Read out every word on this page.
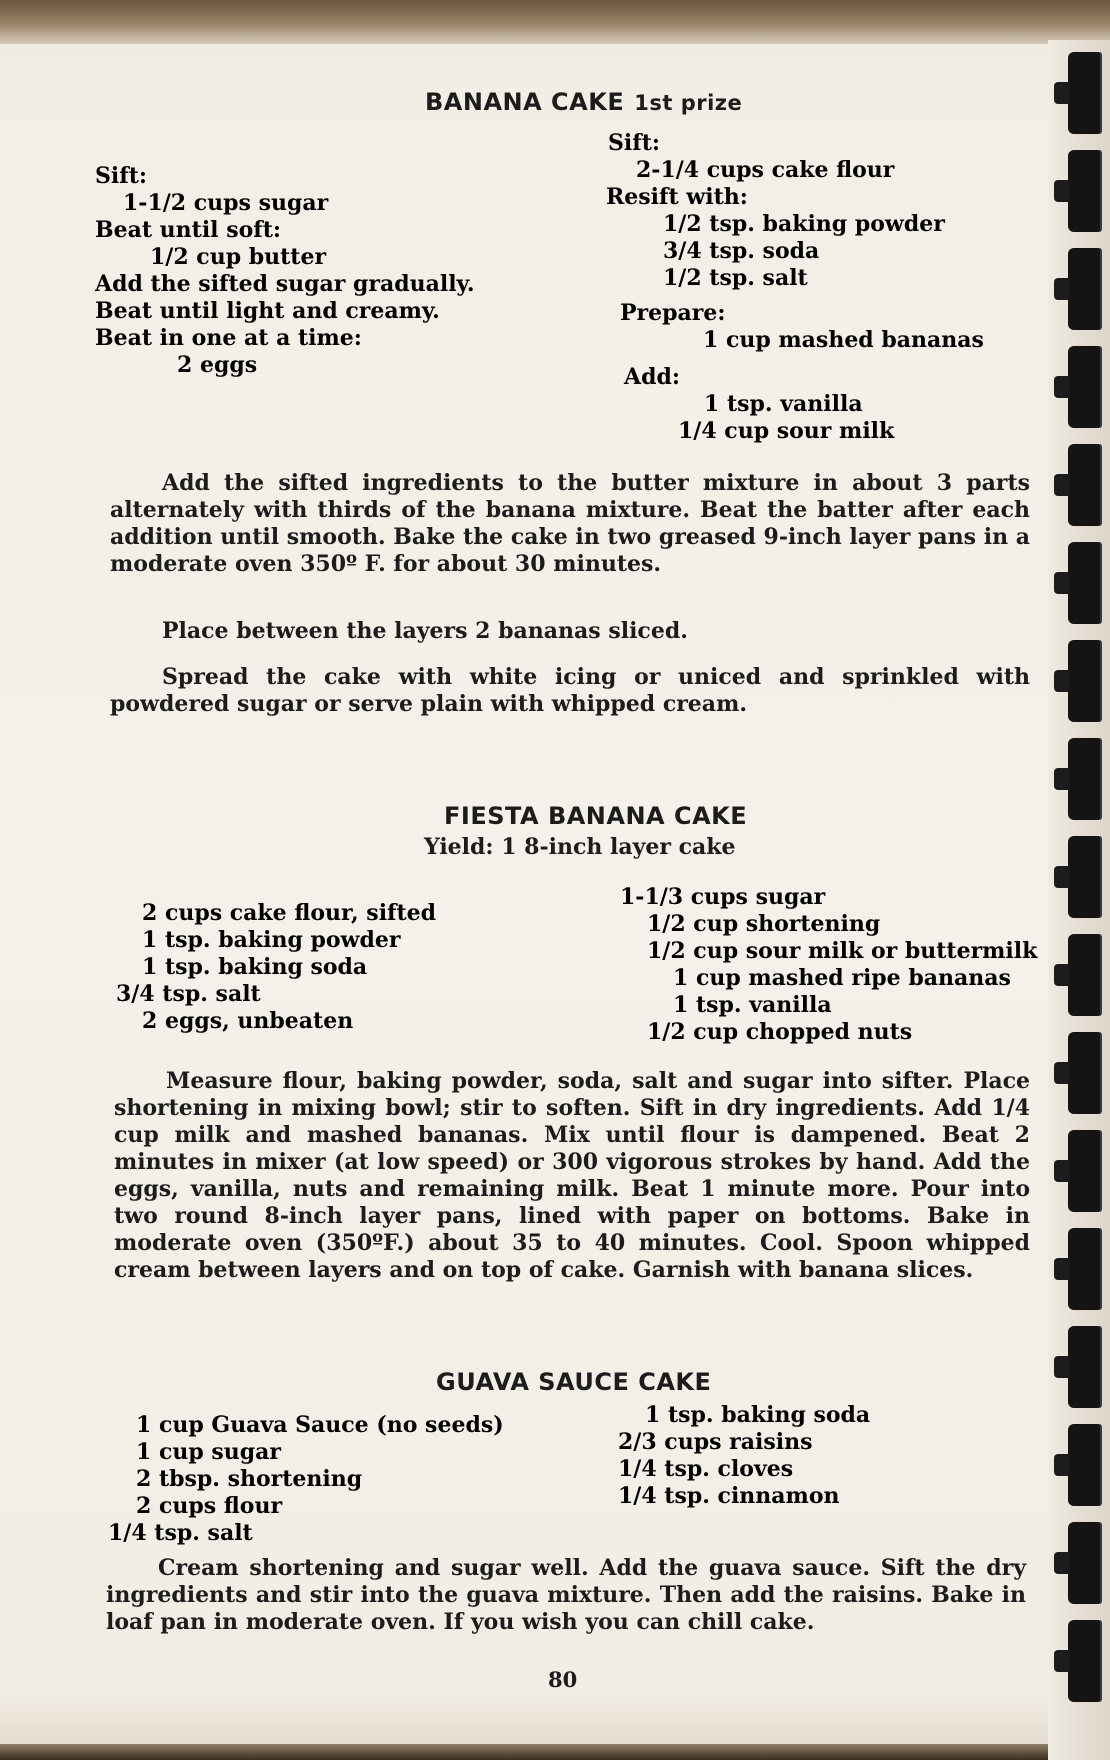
BANANA CAKE 1st prize
Sift:
1-1/2 cups sugar
Beat until soft:
1/2 cup butter
Add the sifted sugar gradually.
Beat until light and creamy.
Beat in one at a time:
2 eggs
Sift:
2-1/4 cups cake flour
Resift with:
1/2 tsp. baking powder
3/4 tsp. soda
1/2 tsp. salt
Prepare:
1 cup mashed bananas
Add:
1 tsp. vanilla
1/4 cup sour milk
Add the sifted ingredients to the butter mixture in about 3 parts alternately with thirds of the banana mixture. Beat the batter after each addition until smooth. Bake the cake in two greased 9-inch layer pans in a moderate oven 350º F. for about 30 minutes.
Place between the layers 2 bananas sliced.
Spread the cake with white icing or uniced and sprinkled with powdered sugar or serve plain with whipped cream.
FIESTA BANANA CAKE
Yield: 1 8-inch layer cake
2 cups cake flour, sifted
1 tsp. baking powder
1 tsp. baking soda
3/4 tsp. salt
2 eggs, unbeaten
1-1/3 cups sugar
1/2 cup shortening
1/2 cup sour milk or buttermilk
1 cup mashed ripe bananas
1 tsp. vanilla
1/2 cup chopped nuts
Measure flour, baking powder, soda, salt and sugar into sifter. Place shortening in mixing bowl; stir to soften. Sift in dry ingredients. Add 1/4 cup milk and mashed bananas. Mix until flour is dampened. Beat 2 minutes in mixer (at low speed) or 300 vigorous strokes by hand. Add the eggs, vanilla, nuts and remaining milk. Beat 1 minute more. Pour into two round 8-inch layer pans, lined with paper on bottoms. Bake in moderate oven (350ºF.) about 35 to 40 minutes. Cool. Spoon whipped cream between layers and on top of cake. Garnish with banana slices.
GUAVA SAUCE CAKE
1 cup Guava Sauce (no seeds)
1 cup sugar
2 tbsp. shortening
2 cups flour
1/4 tsp. salt
1 tsp. baking soda
2/3 cups raisins
1/4 tsp. cloves
1/4 tsp. cinnamon
Cream shortening and sugar well. Add the guava sauce. Sift the dry ingredients and stir into the guava mixture. Then add the raisins. Bake in loaf pan in moderate oven. If you wish you can chill cake.
80
